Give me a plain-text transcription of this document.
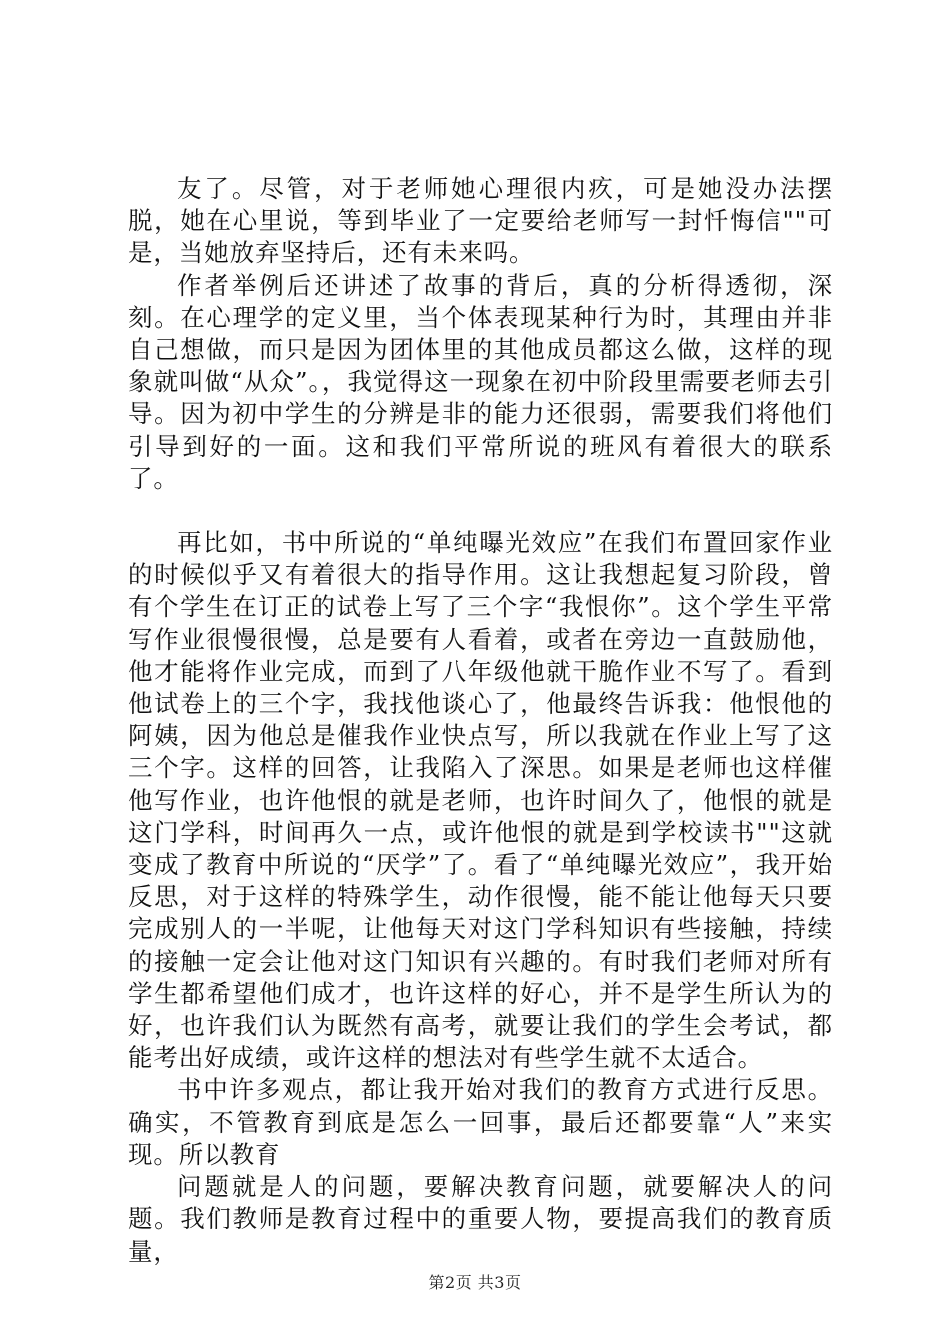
友了。尽管，对于老师她心理很内疚，可是她没办法摆脱，她在心里说，等到毕业了一定要给老师写一封忏悔信""可是，当她放弃坚持后，还有未来吗。

作者举例后还讲述了故事的背后，真的分析得透彻，深刻。在心理学的定义里，当个体表现某种行为时，其理由并非自己想做，而只是因为团体里的其他成员都这么做，这样的现象就叫做“从众”。，我觉得这一现象在初中阶段里需要老师去引导。因为初中学生的分辨是非的能力还很弱，需要我们将他们引导到好的一面。这和我们平常所说的班风有着很大的联系了。

再比如，书中所说的“单纯曝光效应”在我们布置回家作业的时候似乎又有着很大的指导作用。这让我想起复习阶段，曾有个学生在订正的试卷上写了三个字“我恨你”。这个学生平常写作业很慢很慢，总是要有人看着，或者在旁边一直鼓励他，他才能将作业完成，而到了八年级他就干脆作业不写了。看到他试卷上的三个字，我找他谈心了，他最终告诉我：他恨他的阿姨，因为他总是催我作业快点写，所以我就在作业上写了这三个字。这样的回答，让我陷入了深思。如果是老师也这样催他写作业，也许他恨的就是老师，也许时间久了，他恨的就是这门学科，时间再久一点，或许他恨的就是到学校读书""这就变成了教育中所说的“厌学”了。看了“单纯曝光效应”，我开始反思，对于这样的特殊学生，动作很慢，能不能让他每天只要完成别人的一半呢，让他每天对这门学科知识有些接触，持续的接触一定会让他对这门知识有兴趣的。有时我们老师对所有学生都希望他们成才，也许这样的好心，并不是学生所认为的好，也许我们认为既然有高考，就要让我们的学生会考试，都能考出好成绩，或许这样的想法对有些学生就不太适合。

书中许多观点，都让我开始对我们的教育方式进行反思。确实，不管教育到底是怎么一回事，最后还都要靠“人”来实现。所以教育

问题就是人的问题，要解决教育问题，就要解决人的问题。我们教师是教育过程中的重要人物，要提高我们的教育质量，

第2页 共3页
